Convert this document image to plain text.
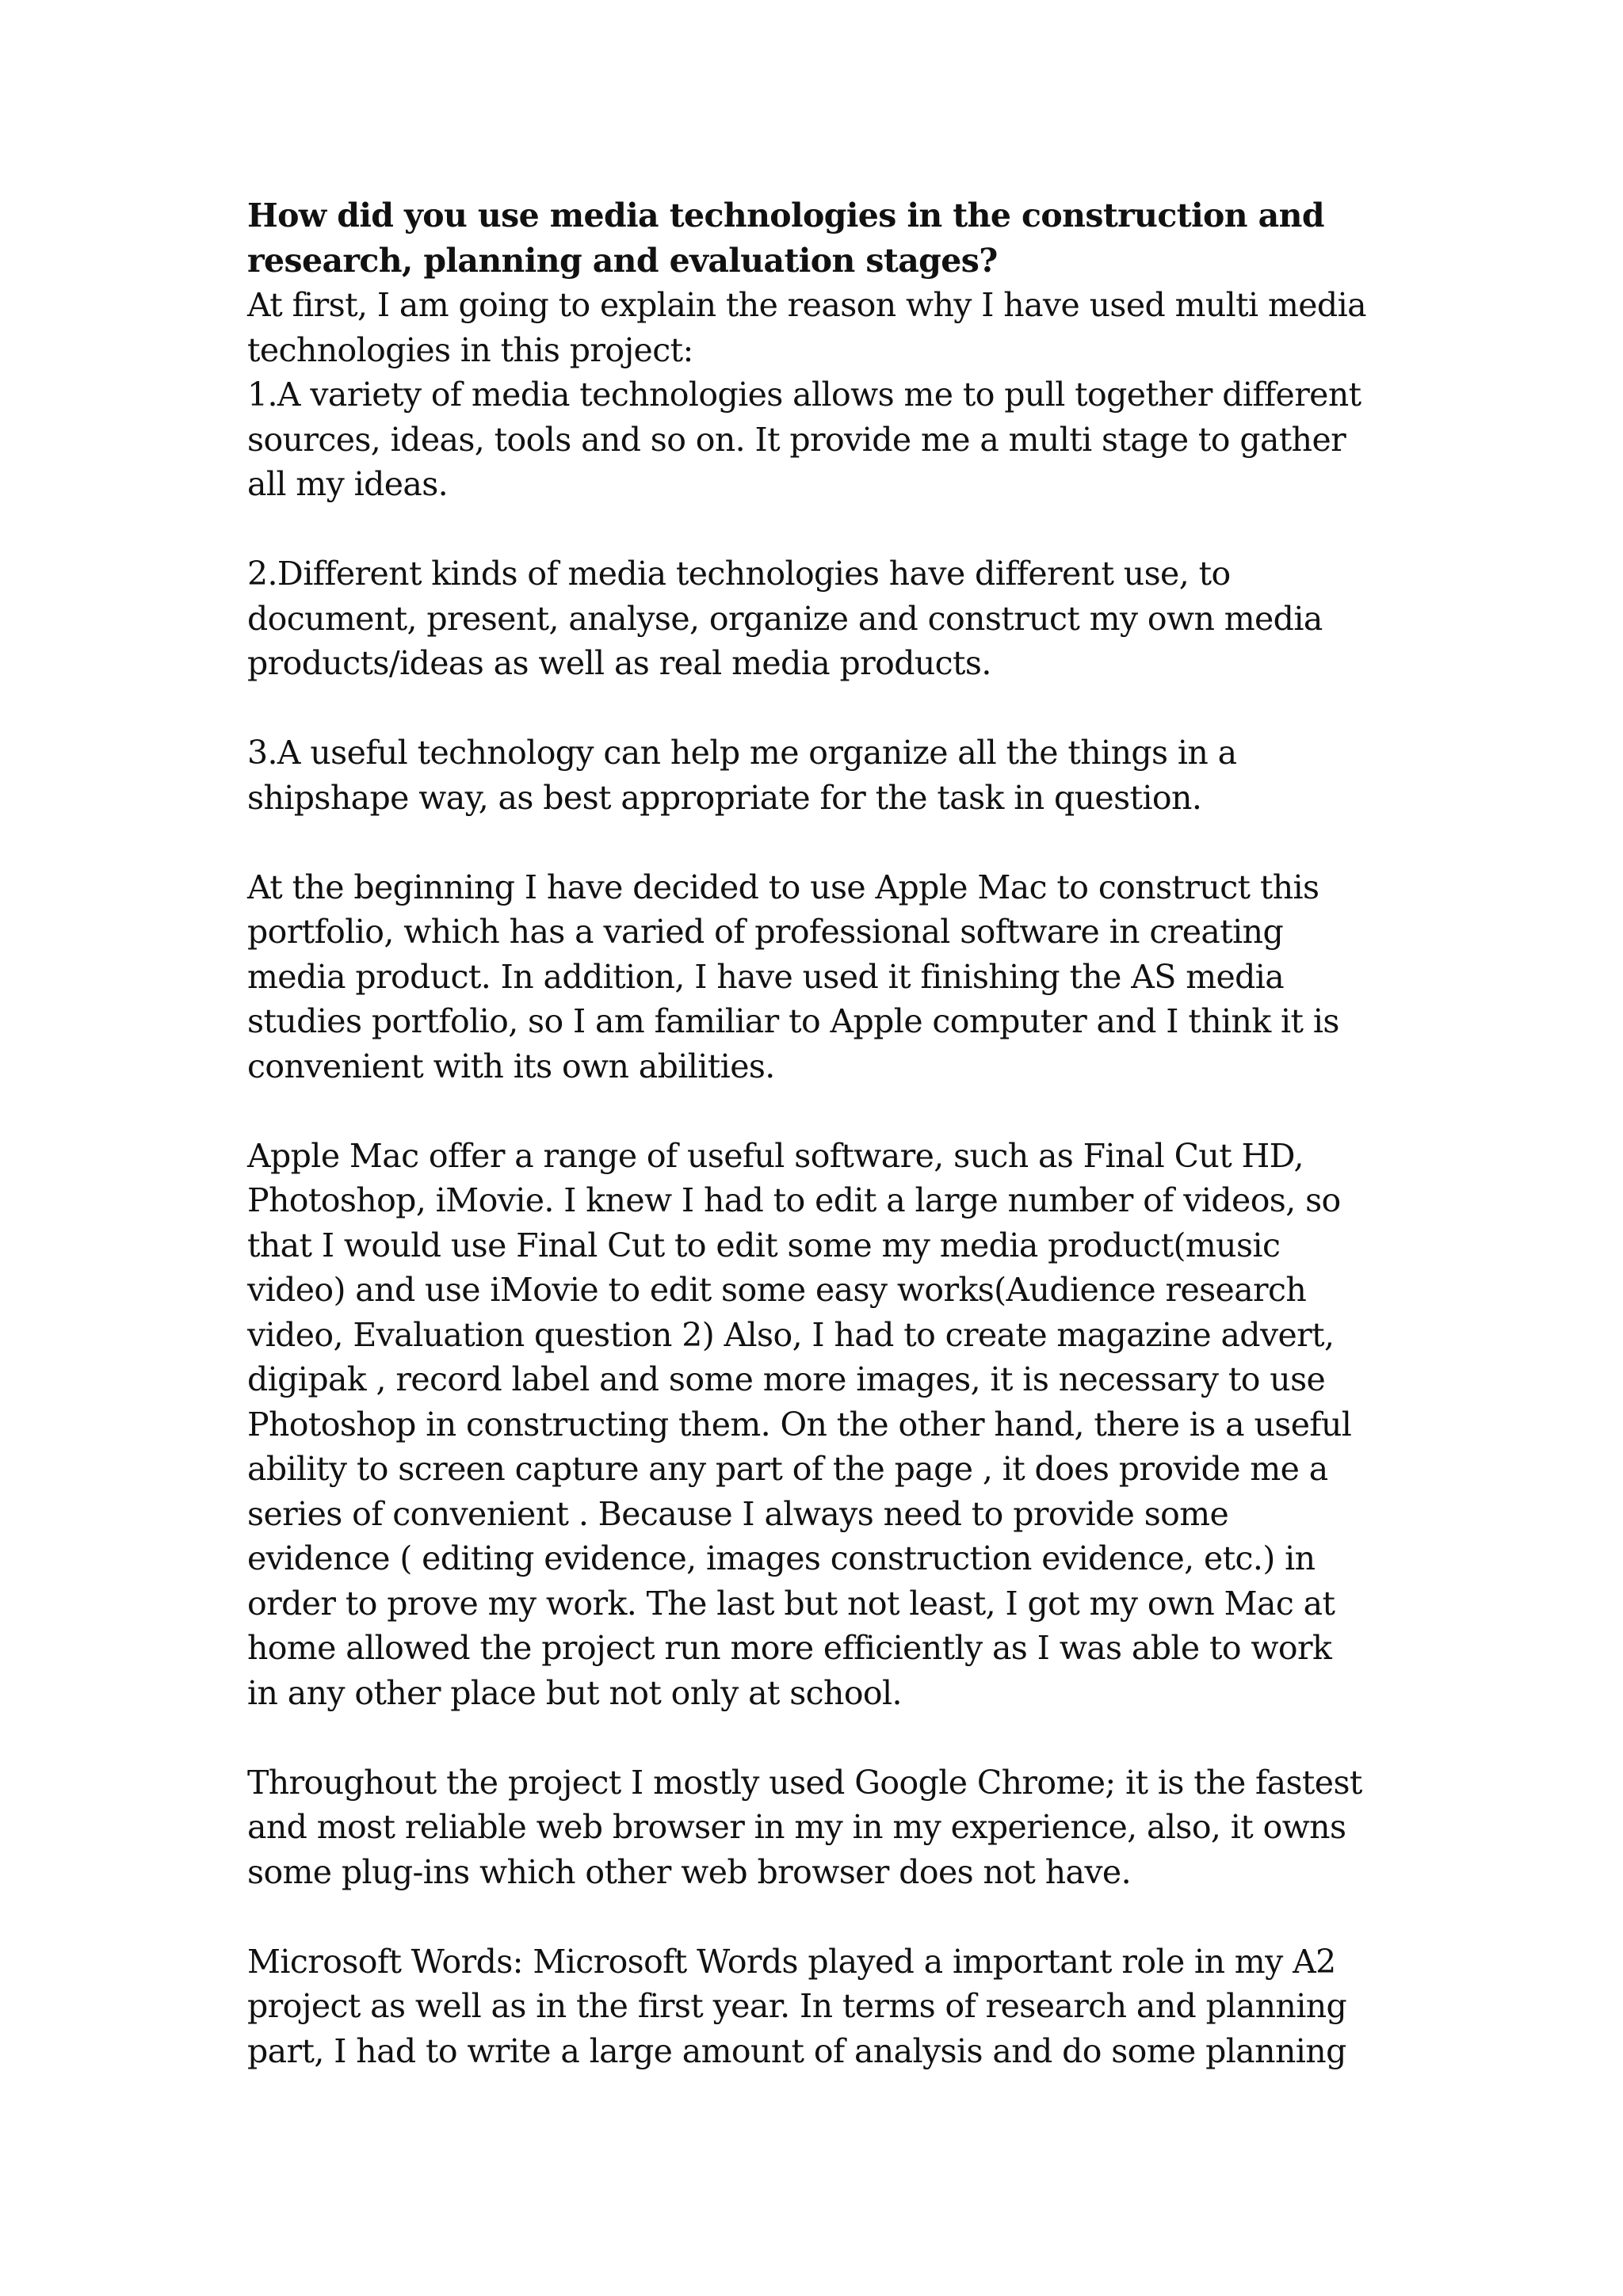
How did you use media technologies in the construction and
research, planning and evaluation stages?

At first, I am going to explain the reason why I have used multi media
technologies in this project:

1.A variety of media technologies allows me to pull together different
sources, ideas, tools and so on. It provide me a multi stage to gather
all my ideas.

2.Different kinds of media technologies have different use, to
document, present, analyse, organize and construct my own media
products/ideas as well as real media products.

3.A useful technology can help me organize all the things in a
shipshape way, as best appropriate for the task in question.

At the beginning I have decided to use Apple Mac to construct this
portfolio, which has a varied of professional software in creating
media product. In addition, I have used it finishing the AS media
studies portfolio, so I am familiar to Apple computer and I think it is
convenient with its own abilities.

Apple Mac offer a range of useful software, such as Final Cut HD,
Photoshop, iMovie. I knew I had to edit a large number of videos, so
that I would use Final Cut to edit some my media product(music
video) and use iMovie to edit some easy works(Audience research
video, Evaluation question 2) Also, I had to create magazine advert,
digipak , record label and some more images, it is necessary to use
Photoshop in constructing them. On the other hand, there is a useful
ability to screen capture any part of the page , it does provide me a
series of convenient . Because I always need to provide some
evidence ( editing evidence, images construction evidence, etc.) in
order to prove my work. The last but not least, I got my own Mac at
home allowed the project run more efficiently as I was able to work
in any other place but not only at school.

Throughout the project I mostly used Google Chrome; it is the fastest
and most reliable web browser in my in my experience, also, it owns
some plug-ins which other web browser does not have.

Microsoft Words: Microsoft Words played a important role in my A2
project as well as in the first year. In terms of research and planning
part, I had to write a large amount of analysis and do some planning
